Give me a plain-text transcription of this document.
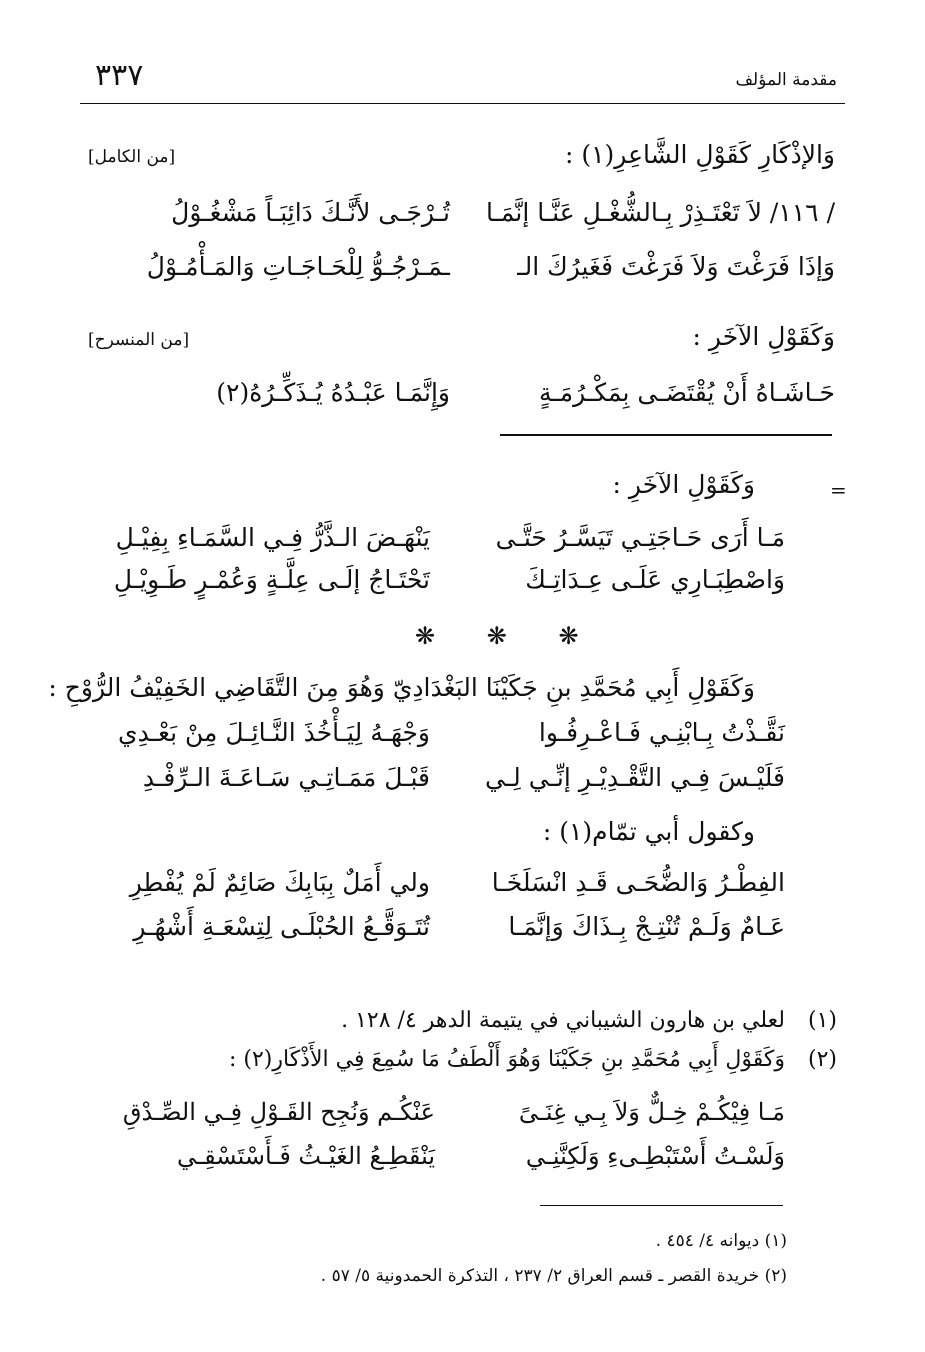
٣٣٧	مقدمة المؤلف
وَالإذْكَارِ كَقَوْلِ الشَّاعِرِ(١) :
[من الكامل]
/ ١١٦/ لاَ تَعْتَـذِرْ بِـالشُّغْـلِ عَنَّـا إنَّمَـا
تُـرْجَـى لأَنَّـكَ دَائِبَـاً مَشْغُـوْلُ
وَإذَا فَرَغْتَ وَلاَ فَرَغْتَ فَغَيرُكَ الـ
ـمَـرْجُـوُّ لِلْحَـاجَـاتِ وَالمَـأْمُـوْلُ
وَكَقَوْلِ الآخَرِ :
[من المنسرح]
حَـاشَـاهُ أَنْ يُقْتَضَـى بِمَكْـرُمَـةٍ
وَإِنَّمَـا عَبْـدُهُ يُـذَكِّـرُهُ(٢)
=
وَكَقَوْلِ الآخَرِ :
مَـا أَرَى حَـاجَتِـي تَيَسَّـرُ حَتَّـى
يَنْهَـضَ الـذَّرُّ فِـي السَّمَـاءِ بِفِيْـلِ
وَاصْطِبَـارِي عَلَـى عِـدَاتِـكَ
تَحْتَـاجُ إلَـى عِلَّـةٍ وَعُمْـرٍ طَـوِيْـلِ
❋ ❋ ❋
وَكَقَوْلِ أَبِي مُحَمَّدِ بنِ جَكَيْنَا البَغْدَادِيّ وَهُوَ مِنَ التَّقَاضِي الخَفِيْفُ الرُّوْحِ :
نَقَّـذْتُ بِـابْنِـي فَـاعْـرِفُـوا
وَجْهَـهُ لِيَـأْخُذَ النَّـائِـلَ مِنْ بَعْـدِي
فَلَيْـسَ فِـي التَّقْـدِيْـرِ إنِّـي لِـي
قَبْـلَ مَمَـاتِـي سَـاعَـةَ الـرِّفْـدِ
وكقول أبي تمّام(١) :
الفِطْـرُ وَالضُّحَـى قَـدِ انْسَلَخَـا
ولي أَمَلٌ بِبَابِكَ صَائِمٌ لَمْ يُفْطِرِ
عَـامٌ وَلَـمْ تُنْتِـجْ بِـذَاكَ وَإنَّمَـا
تُتَـوَقَّـعُ الحُبْلَـى لِتِسْعَـةِ أَشْهُـرِ
(١)
لعلي بن هارون الشيباني في يتيمة الدهر ٤/ ١٢٨ .
(٢)
وَكَقَوْلِ أَبِي مُحَمَّدِ بنِ جَكَيْنَا وَهُوَ أَلْطَفُ مَا سُمِعَ فِي الأَذْكَارِ(٢) :
مَـا فِيْكُـمْ خِـلٌّ وَلاَ بِـي غِنَـىً
عَنْكُـم وَنُجِح القَـوْلِ فِـي الصِّـدْقِ
وَلَسْـتُ أَسْتَبْطِـىءِ وَلَكِنَّنِـي
يَنْقَطِـعُ الغَيْـثُ فَـأَسْتَسْقِـي
(١) ديوانه ٤/ ٤٥٤ .
(٢) خريدة القصر ـ قسم العراق ٢/ ٢٣٧ ، التذكرة الحمدونية ٥/ ٥٧ .
